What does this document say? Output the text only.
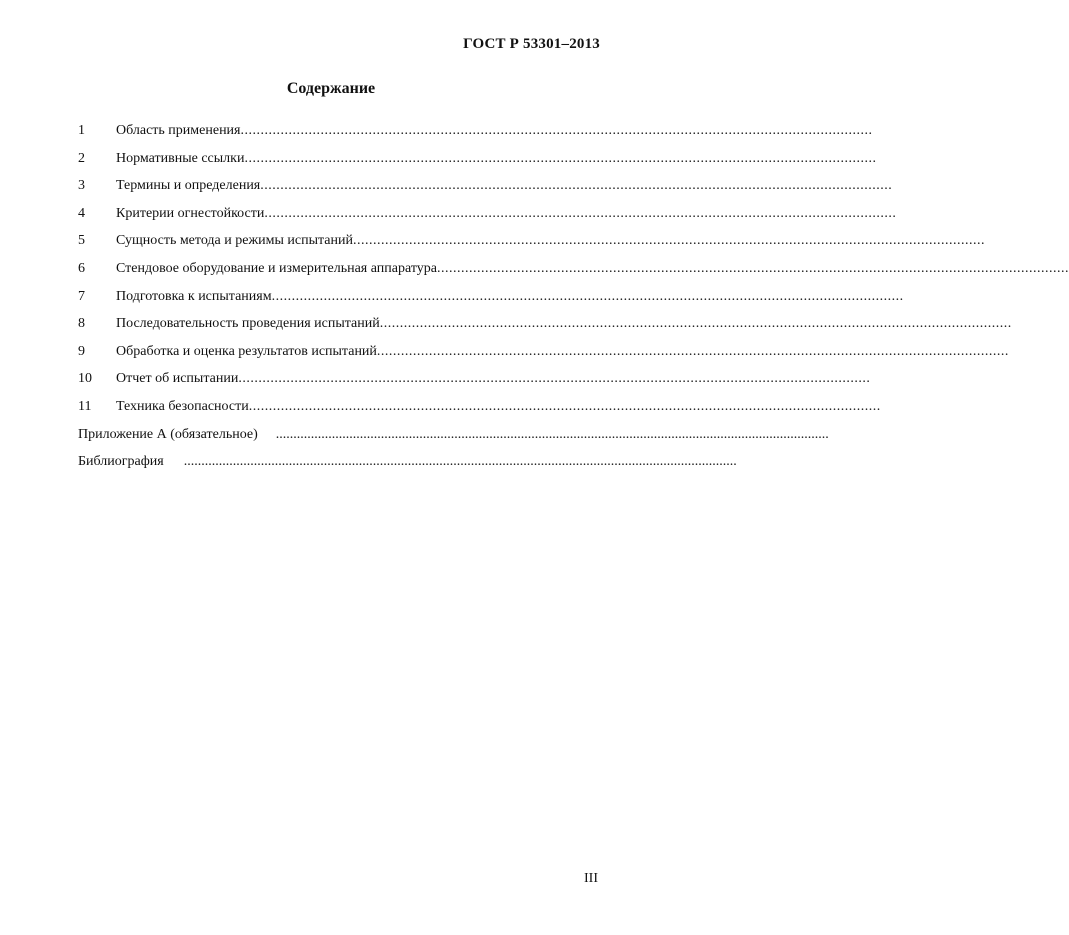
ГОСТ Р 53301–2013
Содержание
1 Область применения..............................................................................................................................................................
2 Нормативные ссылки..............................................................................................................................................................
3 Термины и определения..............................................................................................................................................................
4 Критерии огнестойкости..............................................................................................................................................................
5 Сущность метода и режимы испытаний..............................................................................................................................................................
6 Стендовое оборудование и измерительная аппаратура..............................................................................................................................................................
7 Подготовка к испытаниям..............................................................................................................................................................
8 Последовательность проведения испытаний..............................................................................................................................................................
9 Обработка и оценка результатов испытаний..............................................................................................................................................................
10 Отчет об испытании..............................................................................................................................................................
11 Техника безопасности..............................................................................................................................................................
Приложение А (обязательное) ..............................................................................................................................................................
Библиография ..............................................................................................................................................................
III
